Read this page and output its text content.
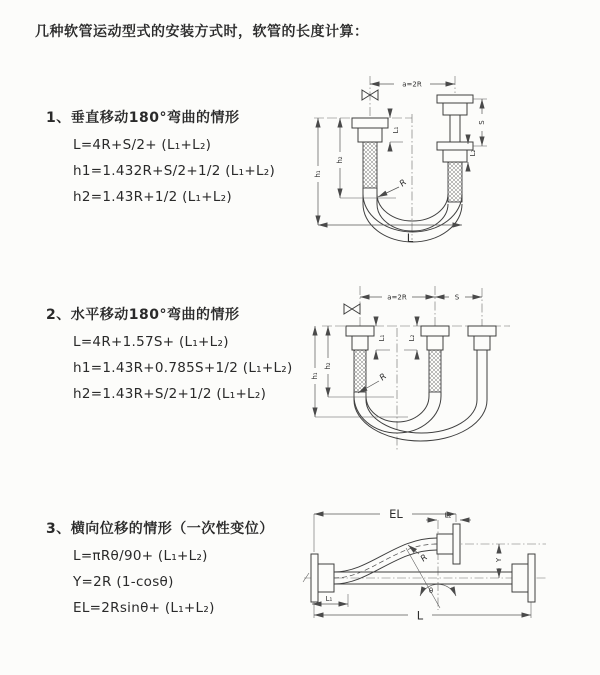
几种软管运动型式的安装方式时，软管的长度计算：
1、垂直移动180°弯曲的情形
L=4R+S/2+ (L₁+L₂)
h1=1.432R+S/2+1/2 (L₁+L₂)
h2=1.43R+1/2 (L₁+L₂)
2、水平移动180°弯曲的情形
L=4R+1.57S+ (L₁+L₂)
h1=1.43R+0.785S+1/2 (L₁+L₂)
h2=1.43R+S/2+1/2 (L₁+L₂)
3、横向位移的情形（一次性变位）
L=πRθ/90+ (L₁+L₂)
Y=2R (1-cosθ)
EL=2Rsinθ+ (L₁+L₂)
a=2R
S
L₁
L₂
h₁
h₂
L
R
a=2R	S
h₁
h₂
L₁	L₂
R
θ
EL	L₂
Y
L
L₁
R
